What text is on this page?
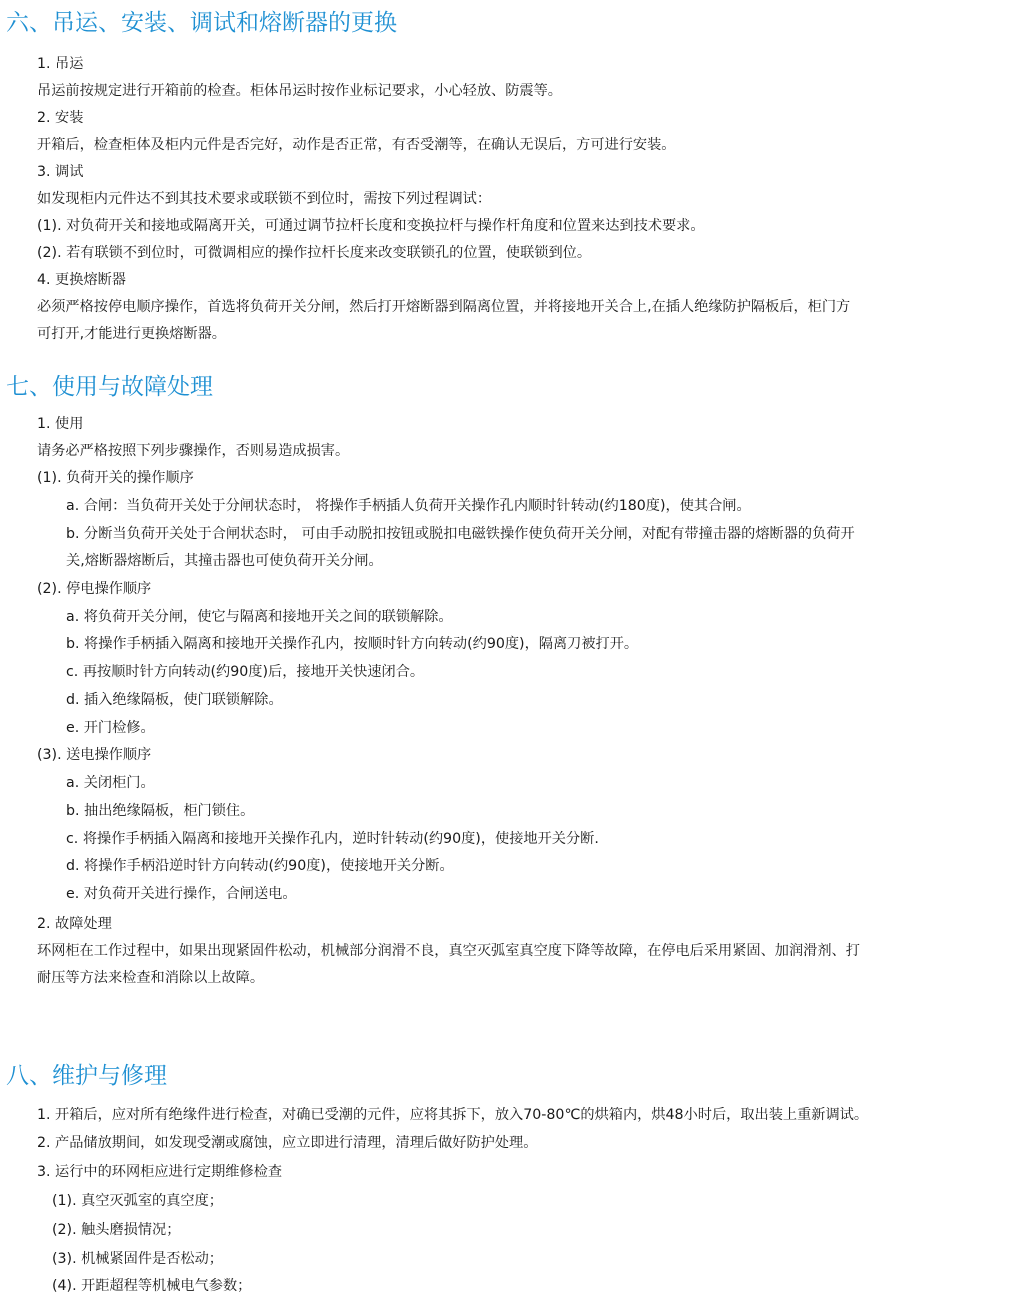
六、吊运、安装、调试和熔断器的更换

1. 吊运

吊运前按规定进行开箱前的检查。柜体吊运时按作业标记要求，小心轻放、防震等。

2. 安装

开箱后，检查柜体及柜内元件是否完好，动作是否正常，有否受潮等，在确认无误后，方可进行安装。

3. 调试

如发现柜内元件达不到其技术要求或联锁不到位时，需按下列过程调试：

(1). 对负荷开关和接地或隔离开关，可通过调节拉杆长度和变换拉杆与操作杆角度和位置来达到技术要求。

(2). 若有联锁不到位时，可微调相应的操作拉杆长度来改变联锁孔的位置，使联锁到位。

4. 更换熔断器

必须严格按停电顺序操作，首选将负荷开关分闸，然后打开熔断器到隔离位置，并将接地开关合上,在插人绝缘防护隔板后，柜门方

可打开,才能进行更换熔断器。

七、使用与故障处理

1. 使用

请务必严格按照下列步骤操作，否则易造成损害。

(1). 负荷开关的操作顺序

a. 合闸：当负荷开关处于分闸状态时， 将操作手柄插人负荷开关操作孔内顺时针转动(约180度)，使其合闸。

b. 分断当负荷开关处于合闸状态时， 可由手动脱扣按钮或脱扣电磁铁操作使负荷开关分闸，对配有带撞击器的熔断器的负荷开

关,熔断器熔断后，其撞击器也可使负荷开关分闸。

(2). 停电操作顺序

a. 将负荷开关分闸，使它与隔离和接地开关之间的联锁解除。

b. 将操作手柄插入隔离和接地开关操作孔内，按顺时针方向转动(约90度)，隔离刀被打开。

c. 再按顺时针方向转动(约90度)后，接地开关快速闭合。

d. 插入绝缘隔板，使门联锁解除。

e. 开门检修。

(3). 送电操作顺序

a. 关闭柜门。

b. 抽出绝缘隔板，柜门锁住。

c. 将操作手柄插入隔离和接地开关操作孔内，逆时针转动(约90度)，使接地开关分断.

d. 将操作手柄沿逆时针方向转动(约90度)，使接地开关分断。

e. 对负荷开关进行操作，合闸送电。

2. 故障处理

环网柜在工作过程中，如果出现紧固件松动，机械部分润滑不良，真空灭弧室真空度下降等故障，在停电后采用紧固、加润滑剂、打

耐压等方法来检查和消除以上故障。

八、维护与修理

1. 开箱后，应对所有绝缘件进行检查，对确已受潮的元件，应将其拆下，放入70-80℃的烘箱内，烘48小时后，取出装上重新调试。

2. 产品储放期间，如发现受潮或腐蚀，应立即进行清理，清理后做好防护处理。

3. 运行中的环网柜应进行定期维修检查

(1). 真空灭弧室的真空度；

(2). 触头磨损情况；

(3). 机械紧固件是否松动；

(4). 开距超程等机械电气参数；
